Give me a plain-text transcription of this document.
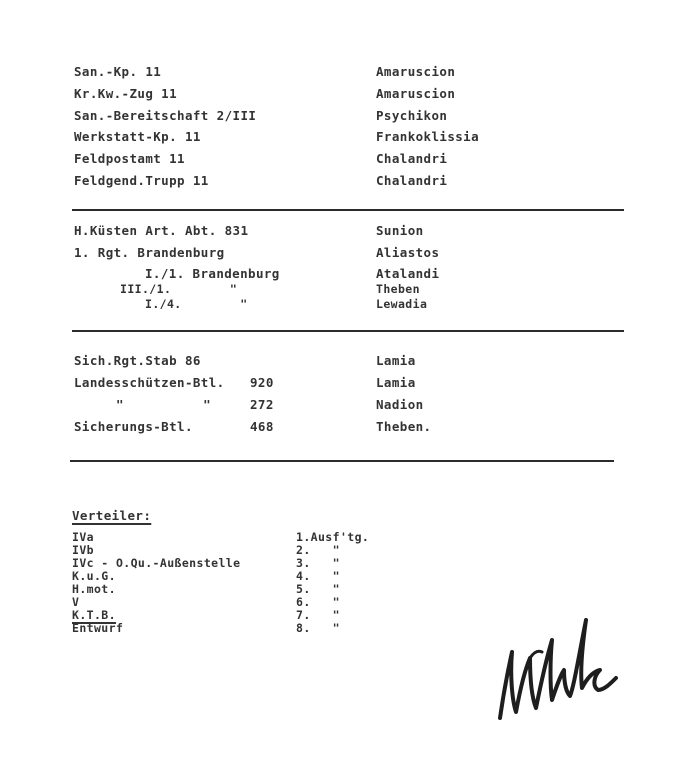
San.-Kp. 11	Amaruscion
Kr.Kw.-Zug 11	Amaruscion
San.-Bereitschaft 2/III	Psychikon
Werkstatt-Kp. 11	Frankoklissia
Feldpostamt 11	Chalandri
Feldgend.Trupp 11	Chalandri
H.Küsten Art. Abt. 831	Sunion
1. Rgt. Brandenburg	Aliastos
I./1. Brandenburg	Atalandi
III./1.        "	Theben
I./4.        "	Lewadia
Sich.Rgt.Stab 86	Lamia
Landesschützen-Btl. 920	Lamia
"          "	272	Nadion
Sicherungs-Btl.	468	Theben.
Verteiler:
IVa	1.Ausf'tg.
IVb	2.   "
IVc - O.Qu.-Außenstelle	3.   "
K.u.G.	4.   "
H.mot.	5.   "
V	6.   "
K.T.B.	7.   "
Entwurf	8.   "
